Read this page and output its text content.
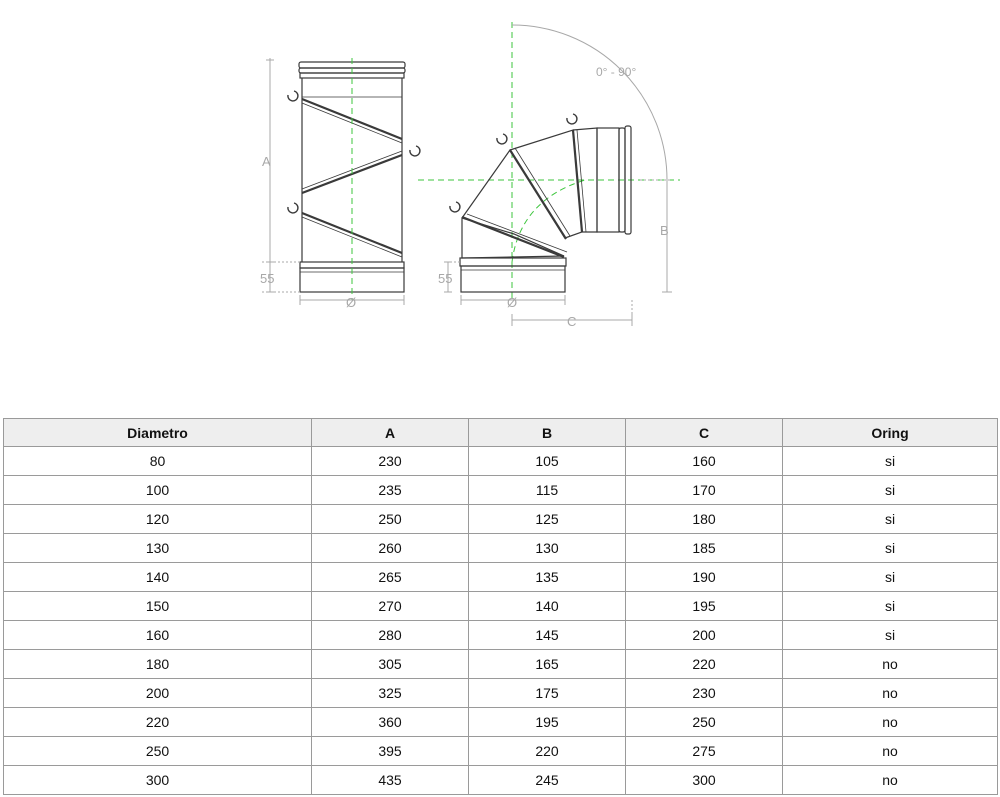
A
55
Ø
0° - 90°
B
C
55
Ø
Diametro	A	B	C	Oring
80	230	105	160	si
100	235	115	170	si
120	250	125	180	si
130	260	130	185	si
140	265	135	190	si
150	270	140	195	si
160	280	145	200	si
180	305	165	220	no
200	325	175	230	no
220	360	195	250	no
250	395	220	275	no
300	435	245	300	no
